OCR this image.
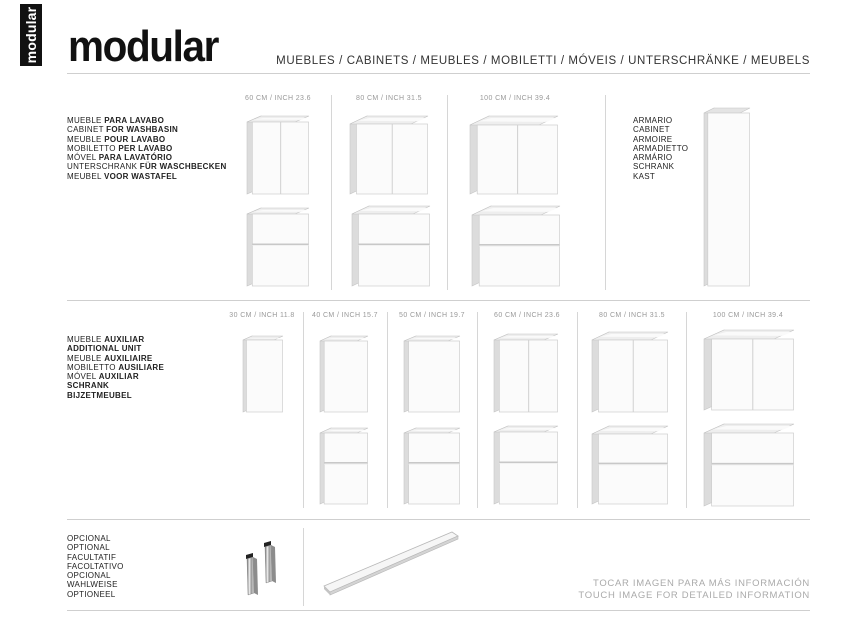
modular modular	MUEBLES / CABINETS / MEUBLES / MOBILETTI / MÓVEIS / UNTERSCHRÄNKE / MEUBELS
MUEBLE PARA LAVABO
CABINET FOR WASHBASIN
MEUBLE POUR LAVABO
MOBILETTO PER LAVABO
MÓVEL PARA LAVATÓRIO
UNTERSCHRANK FÜR WASCHBECKEN
MEUBEL VOOR WASTAFEL
60 CM / INCH 23.6	80 CM / INCH 31.5	100 CM / INCH 39.4
ARMARIO
CABINET
ARMOIRE
ARMADIETTO
ARMÁRIO
SCHRANK
KAST
MUEBLE AUXILIAR
ADDITIONAL UNIT
MEUBLE AUXILIAIRE
MOBILETTO AUSILIARE
MÓVEL AUXILIAR
SCHRANK
BIJZETMEUBEL
30 CM / INCH 11.8 40 CM / INCH 15.7	50 CM / INCH 19.7	60 CM / INCH 23.6	80 CM / INCH 31.5	100 CM / INCH 39.4
OPCIONAL
OPTIONAL
FACULTATIF
FACOLTATIVO
OPCIONAL
WAHLWEISE
OPTIONEEL
TOCAR IMAGEN PARA MÁS INFORMACIÓN
TOUCH IMAGE FOR DETAILED INFORMATION
